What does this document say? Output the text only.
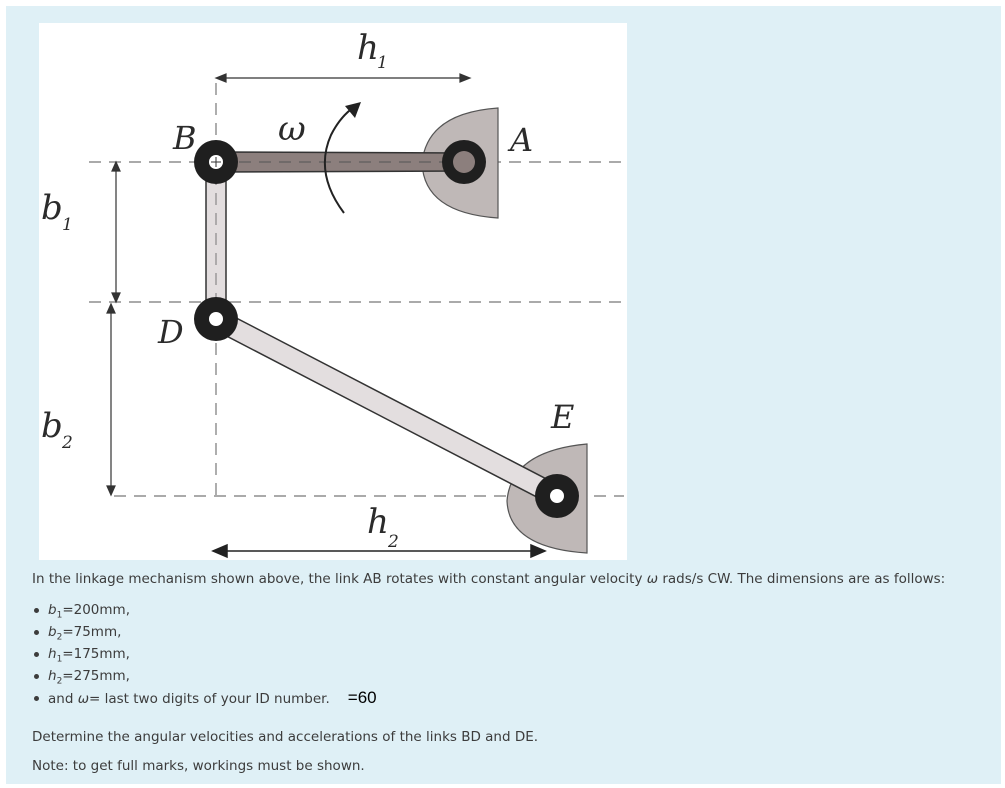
h
1
b 1
b 2
h 2
ω	A
B
D
E

In the linkage mechanism shown above, the link AB rotates with constant angular velocity ω rads/s CW. The dimensions are as follows:

$b_1=200mm$,
$b_2=75mm$,
$h_1=175mm$,
$h_2=275mm$,
and ω= last two digits of your ID number. =60
Determine the angular velocities and accelerations of the links BD and DE.
Note: to get full marks, workings must be shown.
